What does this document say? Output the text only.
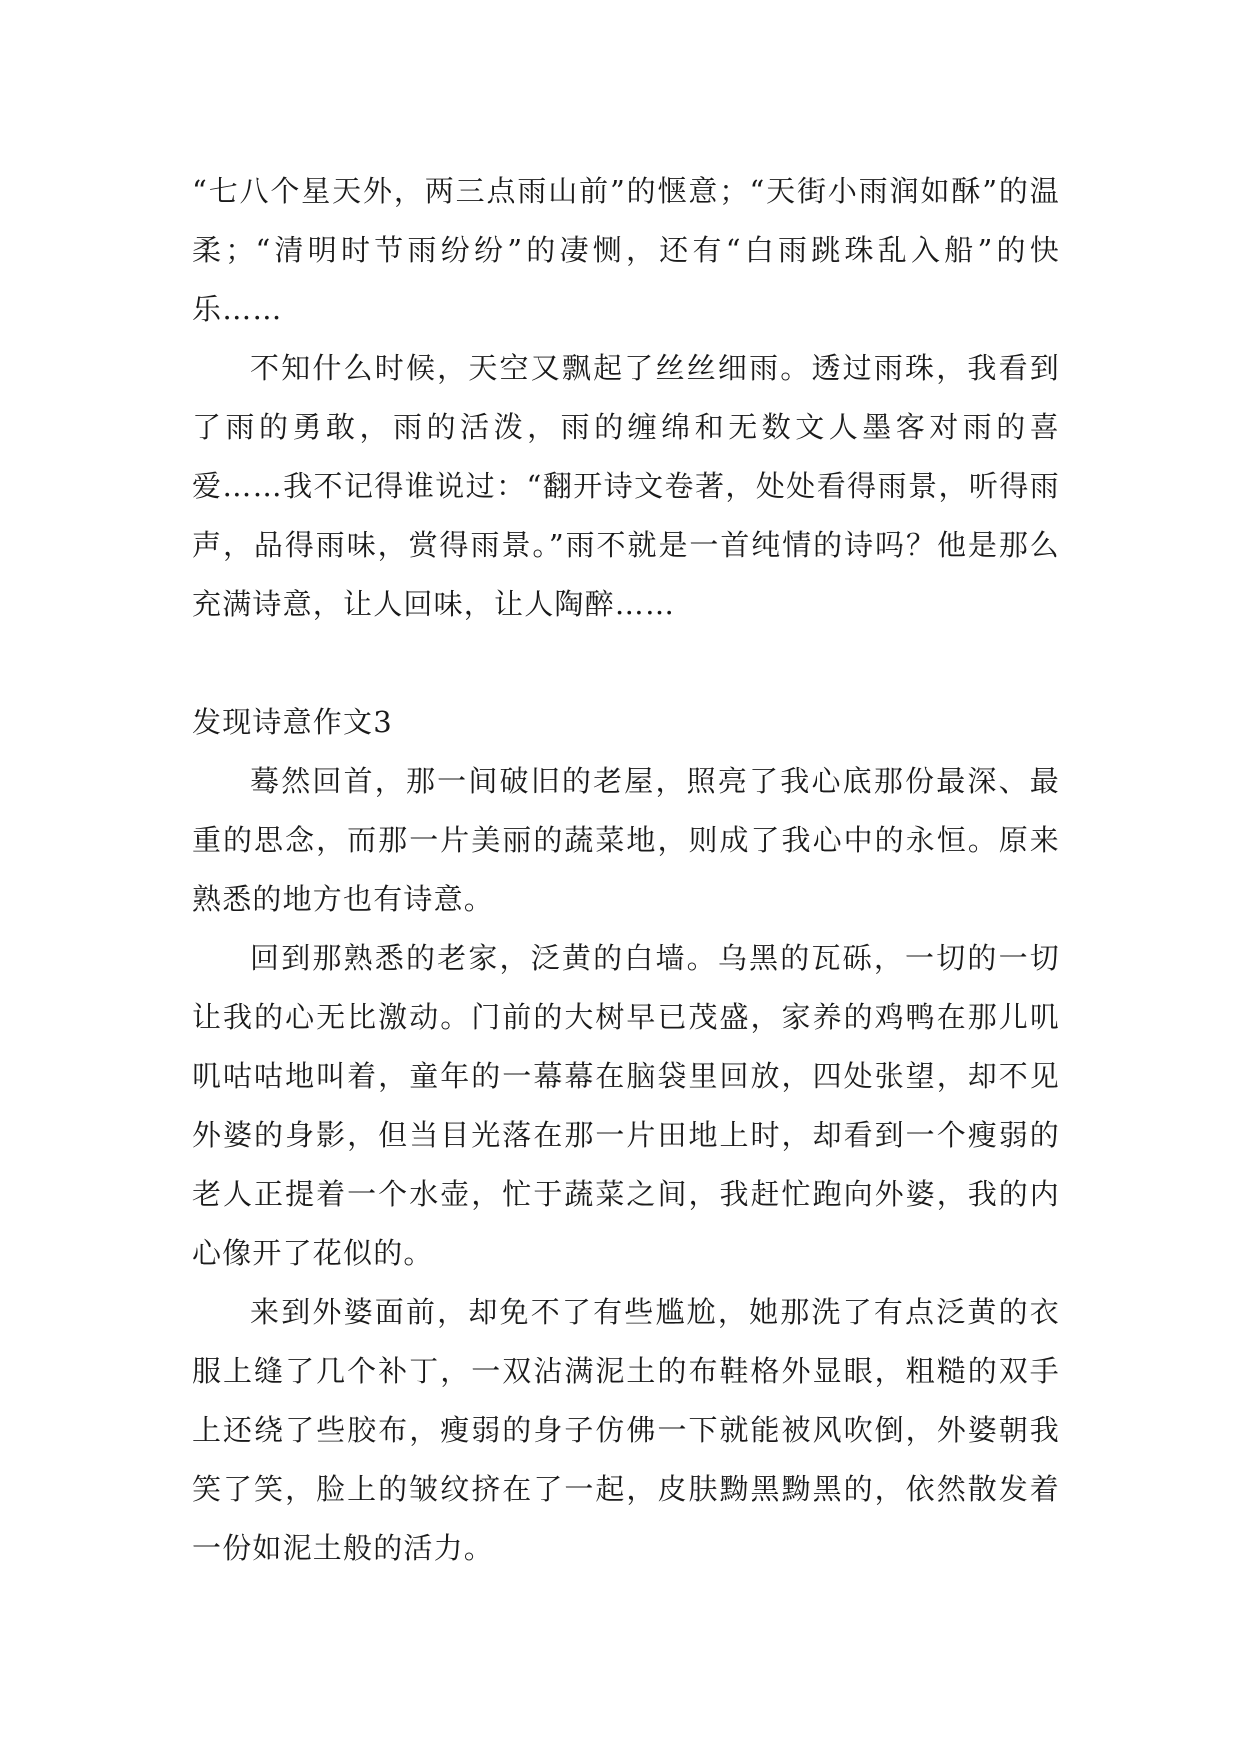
“七八个星天外，两三点雨山前”的惬意；“天街小雨润如酥”的温柔；“清明时节雨纷纷”的凄恻，还有“白雨跳珠乱入船”的快乐……

不知什么时候，天空又飘起了丝丝细雨。透过雨珠，我看到了雨的勇敢，雨的活泼，雨的缠绵和无数文人墨客对雨的喜爱……我不记得谁说过：“翻开诗文卷著，处处看得雨景，听得雨声，品得雨味，赏得雨景。”雨不就是一首纯情的诗吗？他是那么充满诗意，让人回味，让人陶醉……

发现诗意作文3

蓦然回首，那一间破旧的老屋，照亮了我心底那份最深、最重的思念，而那一片美丽的蔬菜地，则成了我心中的永恒。原来熟悉的地方也有诗意。

回到那熟悉的老家，泛黄的白墙。乌黑的瓦砾，一切的一切让我的心无比激动。门前的大树早已茂盛，家养的鸡鸭在那儿叽叽咕咕地叫着，童年的一幕幕在脑袋里回放，四处张望，却不见外婆的身影，但当目光落在那一片田地上时，却看到一个瘦弱的老人正提着一个水壶，忙于蔬菜之间，我赶忙跑向外婆，我的内心像开了花似的。

来到外婆面前，却免不了有些尴尬，她那洗了有点泛黄的衣服上缝了几个补丁，一双沾满泥土的布鞋格外显眼，粗糙的双手上还绕了些胶布，瘦弱的身子仿佛一下就能被风吹倒，外婆朝我笑了笑，脸上的皱纹挤在了一起，皮肤黝黑黝黑的，依然散发着一份如泥土般的活力。
